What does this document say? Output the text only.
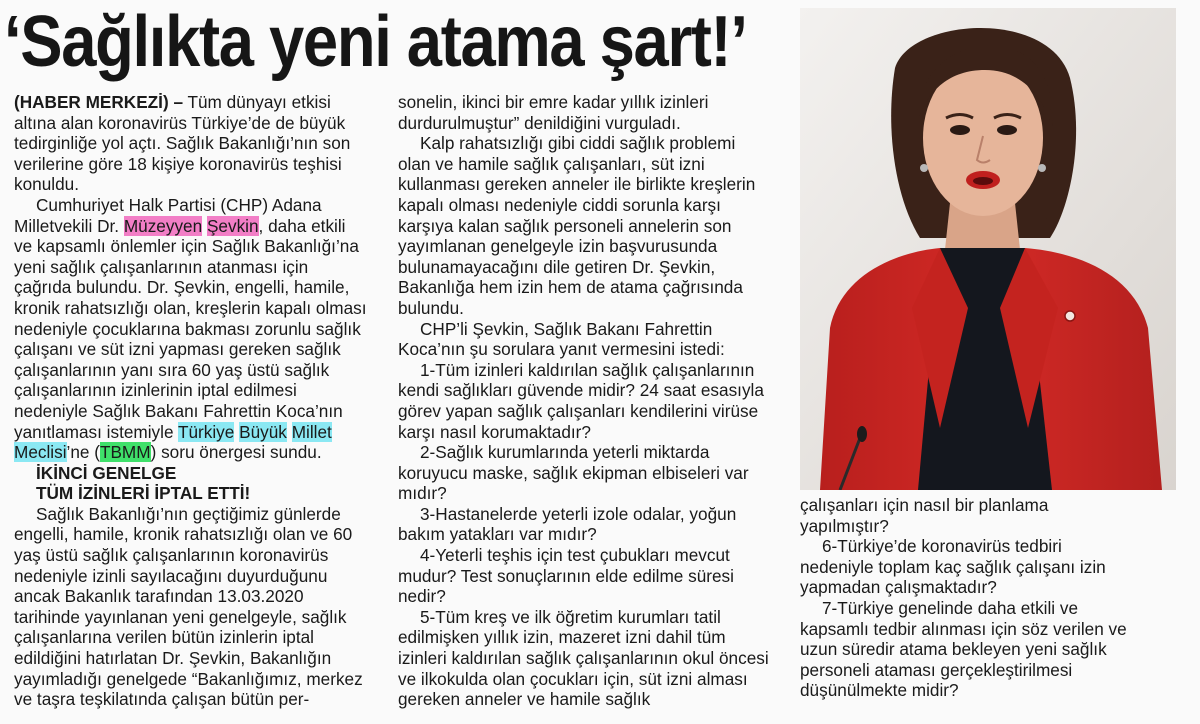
‘Sağlıkta yeni atama şart!’

(HABER MERKEZİ) – Tüm dünyayı etkisi altına alan koronavirüs Türkiye’de de büyük tedirginliğe yol açtı. Sağlık Bakanlığı’nın son verilerine göre 18 kişiye koronavirüs teşhisi konuldu.

Cumhuriyet Halk Partisi (CHP) Adana Milletvekili Dr. Müzeyyen Şevkin, daha etkili ve kapsamlı önlemler için Sağlık Bakanlığı’na yeni sağlık çalışanlarının atanması için çağrıda bulundu. Dr. Şevkin, engelli, hamile, kronik rahatsızlığı olan, kreşlerin kapalı olması nedeniyle çocuklarına bakması zorunlu sağlık çalışanı ve süt izni yapması gereken sağlık çalışanlarının yanı sıra 60 yaş üstü sağlık çalışanlarının izinlerinin iptal edilmesi nedeniyle Sağlık Bakanı Fahrettin Koca’nın yanıtlaması istemiyle Türkiye Büyük Millet Meclisi’ne (TBMM) soru önergesi sundu.

İKİNCİ GENELGE

TÜM İZİNLERİ İPTAL ETTİ!

Sağlık Bakanlığı’nın geçtiğimiz günlerde engelli, hamile, kronik rahatsızlığı olan ve 60 yaş üstü sağlık çalışanlarının koronavirüs nedeniyle izinli sayılacağını duyurduğunu ancak Bakanlık tarafından 13.03.2020 tarihinde yayınlanan yeni genelgeyle, sağlık çalışanlarına verilen bütün izinlerin iptal edildiğini hatırlatan Dr. Şevkin, Bakanlığın yayımladığı genelgede “Bakanlığımız, merkez ve taşra teşkilatında çalışan bütün per-

sonelin, ikinci bir emre kadar yıllık izinleri durdurulmuştur” denildiğini vurguladı.

Kalp rahatsızlığı gibi ciddi sağlık problemi olan ve hamile sağlık çalışanları, süt izni kullanması gereken anneler ile birlikte kreşlerin kapalı olması nedeniyle ciddi sorunla karşı karşıya kalan sağlık personeli annelerin son yayımlanan genelgeyle izin başvurusunda bulunamayacağını dile getiren Dr. Şevkin, Bakanlığa hem izin hem de atama çağrısında bulundu.

CHP’li Şevkin, Sağlık Bakanı Fahrettin Koca’nın şu sorulara yanıt vermesini istedi:

1-Tüm izinleri kaldırılan sağlık çalışanlarının kendi sağlıkları güvende midir? 24 saat esasıyla görev yapan sağlık çalışanları kendilerini virüse karşı nasıl korumaktadır?

2-Sağlık kurumlarında yeterli miktarda koruyucu maske, sağlık ekipman elbiseleri var mıdır?

3-Hastanelerde yeterli izole odalar, yoğun bakım yatakları var mıdır?

4-Yeterli teşhis için test çubukları mevcut mudur? Test sonuçlarının elde edilme süresi nedir?

5-Tüm kreş ve ilk öğretim kurumları tatil edilmişken yıllık izin, mazeret izni dahil tüm izinleri kaldırılan sağlık çalışanlarının okul öncesi ve ilkokulda olan çocukları için, süt izni alması gereken anneler ve hamile sağlık

çalışanları için nasıl bir planlama yapılmıştır?

6-Türkiye’de koronavirüs tedbiri nedeniyle toplam kaç sağlık çalışanı izin yapmadan çalışmaktadır?

7-Türkiye genelinde daha etkili ve kapsamlı tedbir alınması için söz verilen ve uzun süredir atama bekleyen yeni sağlık personeli ataması gerçekleştirilmesi düşünülmekte midir?
